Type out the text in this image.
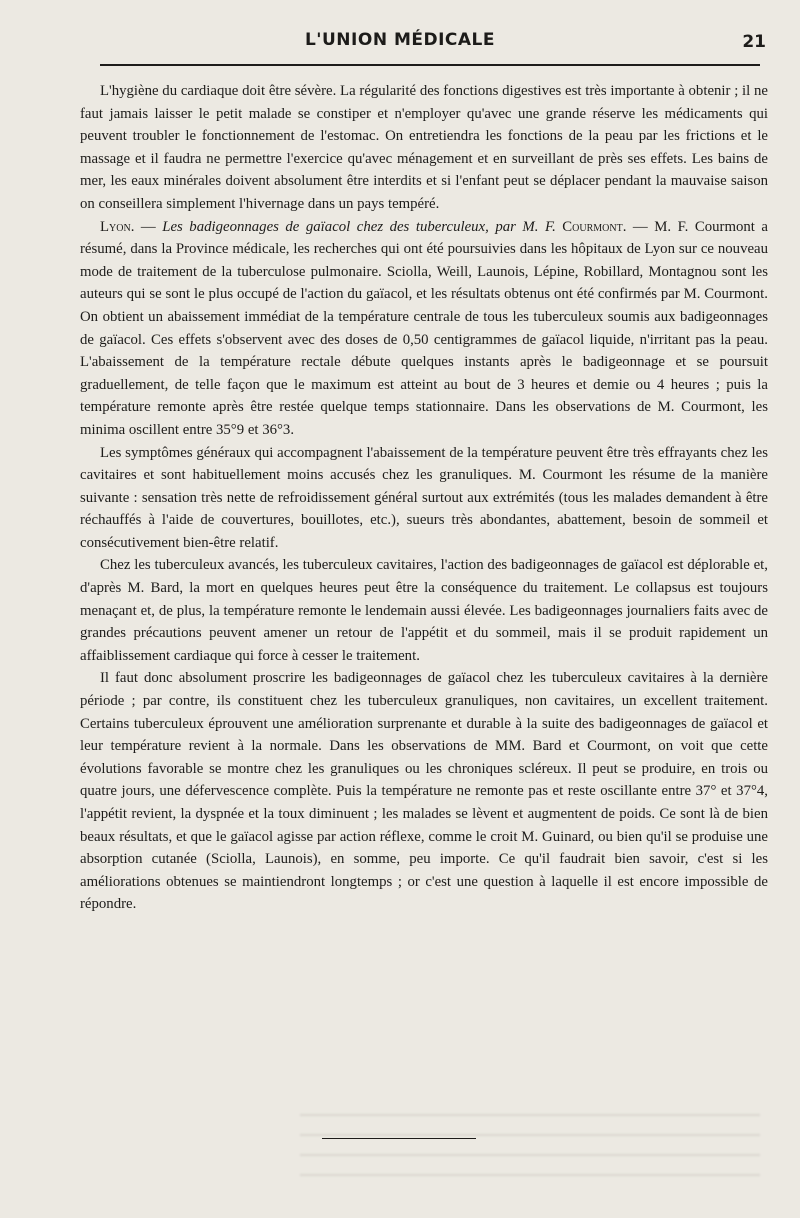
L'UNION MÉDICALE	21

L'hygiène du cardiaque doit être sévère. La régularité des fonctions digestives est très importante à obtenir ; il ne faut jamais laisser le petit malade se constiper et n'employer qu'avec une grande réserve les médicaments qui peuvent troubler le fonctionnement de l'estomac. On entretiendra les fonctions de la peau par les frictions et le massage et il faudra ne permettre l'exercice qu'avec ménagement et en surveillant de près ses effets. Les bains de mer, les eaux minérales doivent absolument être interdits et si l'enfant peut se déplacer pendant la mauvaise saison on conseillera simplement l'hivernage dans un pays tempéré.

Lyon. — Les badigeonnages de gaïacol chez des tuberculeux, par M. F. Courmont. — M. F. Courmont a résumé, dans la Province médicale, les recherches qui ont été poursuivies dans les hôpitaux de Lyon sur ce nouveau mode de traitement de la tuberculose pulmonaire. Sciolla, Weill, Launois, Lépine, Robillard, Montagnou sont les auteurs qui se sont le plus occupé de l'action du gaïacol, et les résultats obtenus ont été confirmés par M. Courmont. On obtient un abaissement immédiat de la température centrale de tous les tuberculeux soumis aux badigeonnages de gaïacol. Ces effets s'observent avec des doses de 0,50 centigrammes de gaïacol liquide, n'irritant pas la peau. L'abaissement de la température rectale débute quelques instants après le badigeonnage et se poursuit graduellement, de telle façon que le maximum est atteint au bout de 3 heures et demie ou 4 heures ; puis la température remonte après être restée quelque temps stationnaire. Dans les observations de M. Courmont, les minima oscillent entre 35°9 et 36°3.

Les symptômes généraux qui accompagnent l'abaissement de la température peuvent être très effrayants chez les cavitaires et sont habituellement moins accusés chez les granuliques. M. Courmont les résume de la manière suivante : sensation très nette de refroidissement général surtout aux extrémités (tous les malades demandent à être réchauffés à l'aide de couvertures, bouillotes, etc.), sueurs très abondantes, abattement, besoin de sommeil et consécutivement bien-être relatif.

Chez les tuberculeux avancés, les tuberculeux cavitaires, l'action des badigeonnages de gaïacol est déplorable et, d'après M. Bard, la mort en quelques heures peut être la conséquence du traitement. Le collapsus est toujours menaçant et, de plus, la température remonte le lendemain aussi élevée. Les badigeonnages journaliers faits avec de grandes précautions peuvent amener un retour de l'appétit et du sommeil, mais il se produit rapidement un affaiblissement cardiaque qui force à cesser le traitement.

Il faut donc absolument proscrire les badigeonnages de gaïacol chez les tuberculeux cavitaires à la dernière période ; par contre, ils constituent chez les tuberculeux granuliques, non cavitaires, un excellent traitement. Certains tuberculeux éprouvent une amélioration surprenante et durable à la suite des badigeonnages de gaïacol et leur température revient à la normale. Dans les observations de MM. Bard et Courmont, on voit que cette évolutions favorable se montre chez les granuliques ou les chroniques scléreux. Il peut se produire, en trois ou quatre jours, une défervescence complète. Puis la température ne remonte pas et reste oscillante entre 37° et 37°4, l'appétit revient, la dyspnée et la toux diminuent ; les malades se lèvent et augmentent de poids. Ce sont là de bien beaux résultats, et que le gaïacol agisse par action réflexe, comme le croit M. Guinard, ou bien qu'il se produise une absorption cutanée (Sciolla, Launois), en somme, peu importe. Ce qu'il faudrait bien savoir, c'est si les améliorations obtenues se maintiendront longtemps ; or c'est une question à laquelle il est encore impossible de répondre.
